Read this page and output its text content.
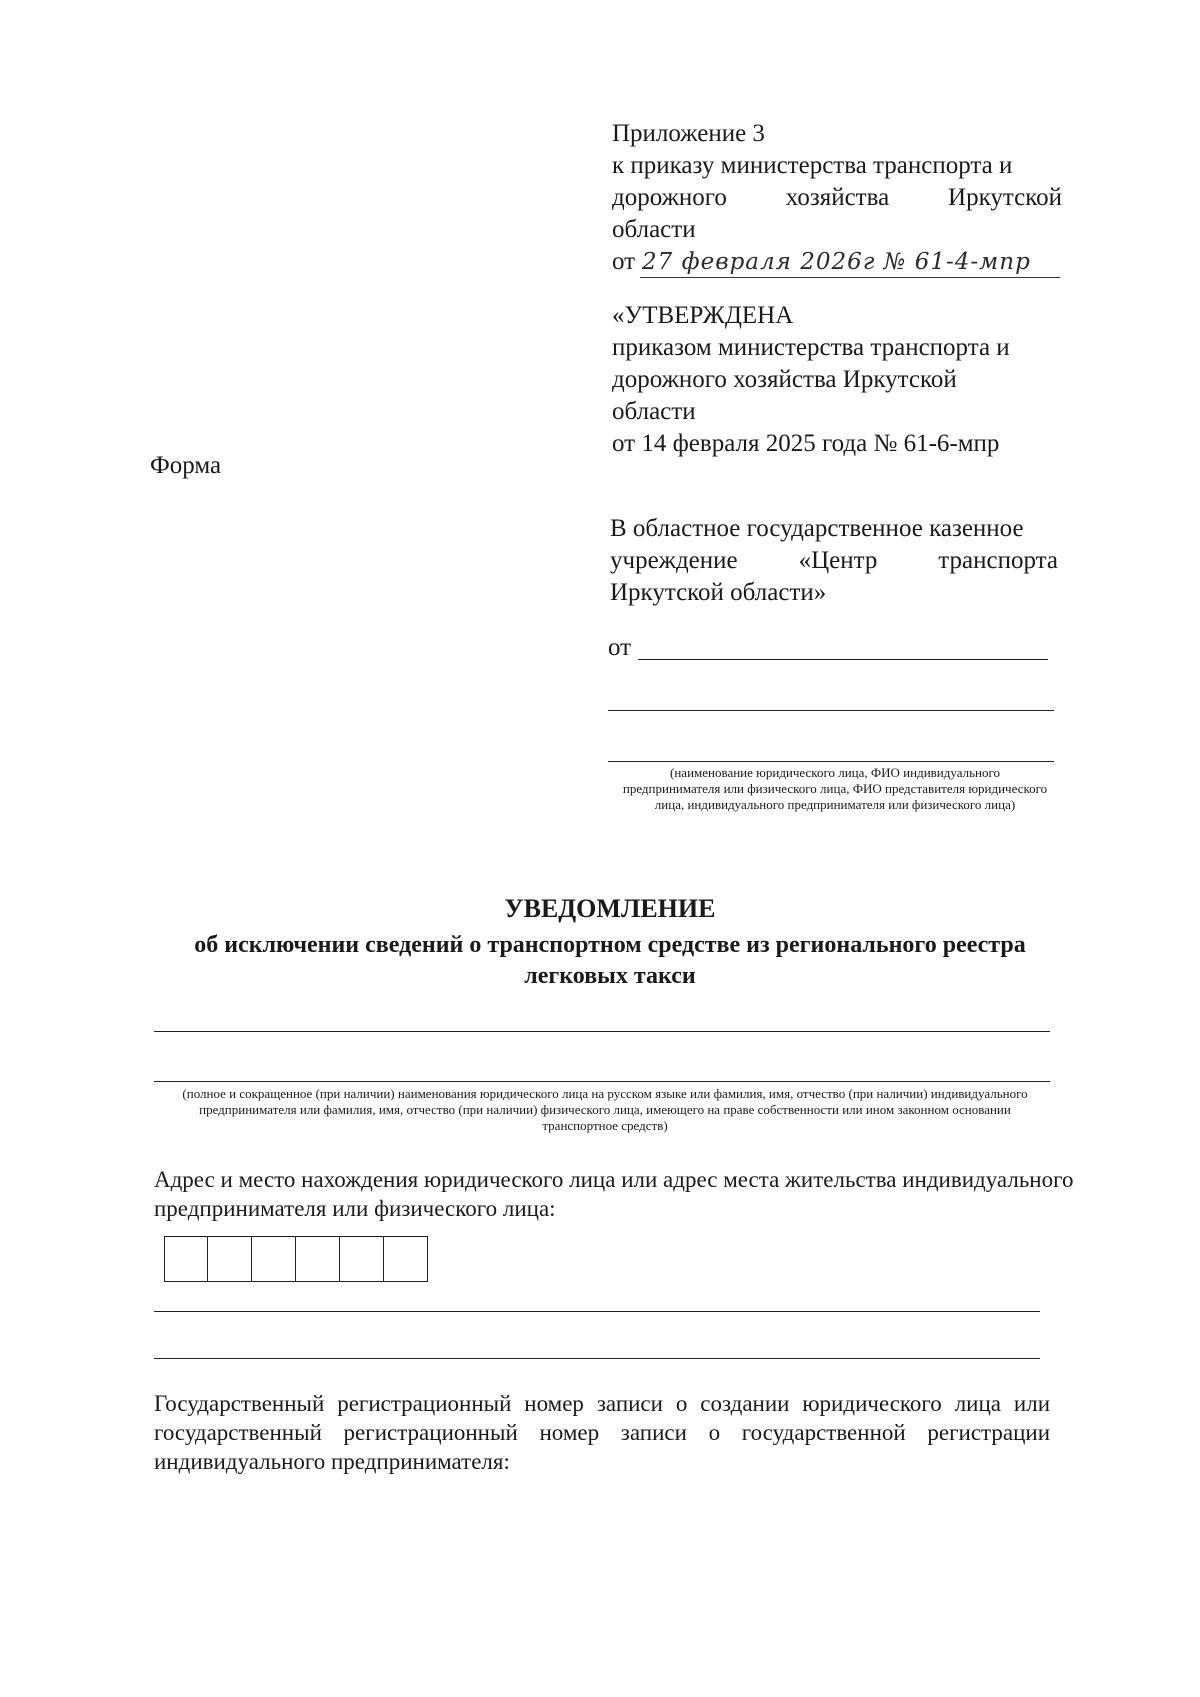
Приложение 3
к приказу министерства транспорта и
дорожного хозяйства Иркутской
области
от 27 февраля 2026г № 61-4-мпр
«УТВЕРЖДЕНА
приказом министерства транспорта и
дорожного хозяйства Иркутской
области
от 14 февраля 2025 года № 61-6-мпр
Форма
В областное государственное казенное
учреждение «Центр транспорта
Иркутской области»
от
(наименование юридического лица, ФИО индивидуального предпринимателя или физического лица, ФИО представителя юридического лица, индивидуального предпринимателя или физического лица)
УВЕДОМЛЕНИЕ
об исключении сведений о транспортном средстве из регионального реестра
легковых такси
(полное и сокращенное (при наличии) наименования юридического лица на русском языке или фамилия, имя, отчество (при наличии) индивидуального предпринимателя или фамилия, имя, отчество (при наличии) физического лица, имеющего на праве собственности или ином законном основании транспортное средств)
Адрес и место нахождения юридического лица или адрес места жительства индивидуального
предпринимателя или физического лица:
Государственный регистрационный номер записи о создании юридического лица или
государственный регистрационный номер записи о государственной регистрации
индивидуального предпринимателя:
